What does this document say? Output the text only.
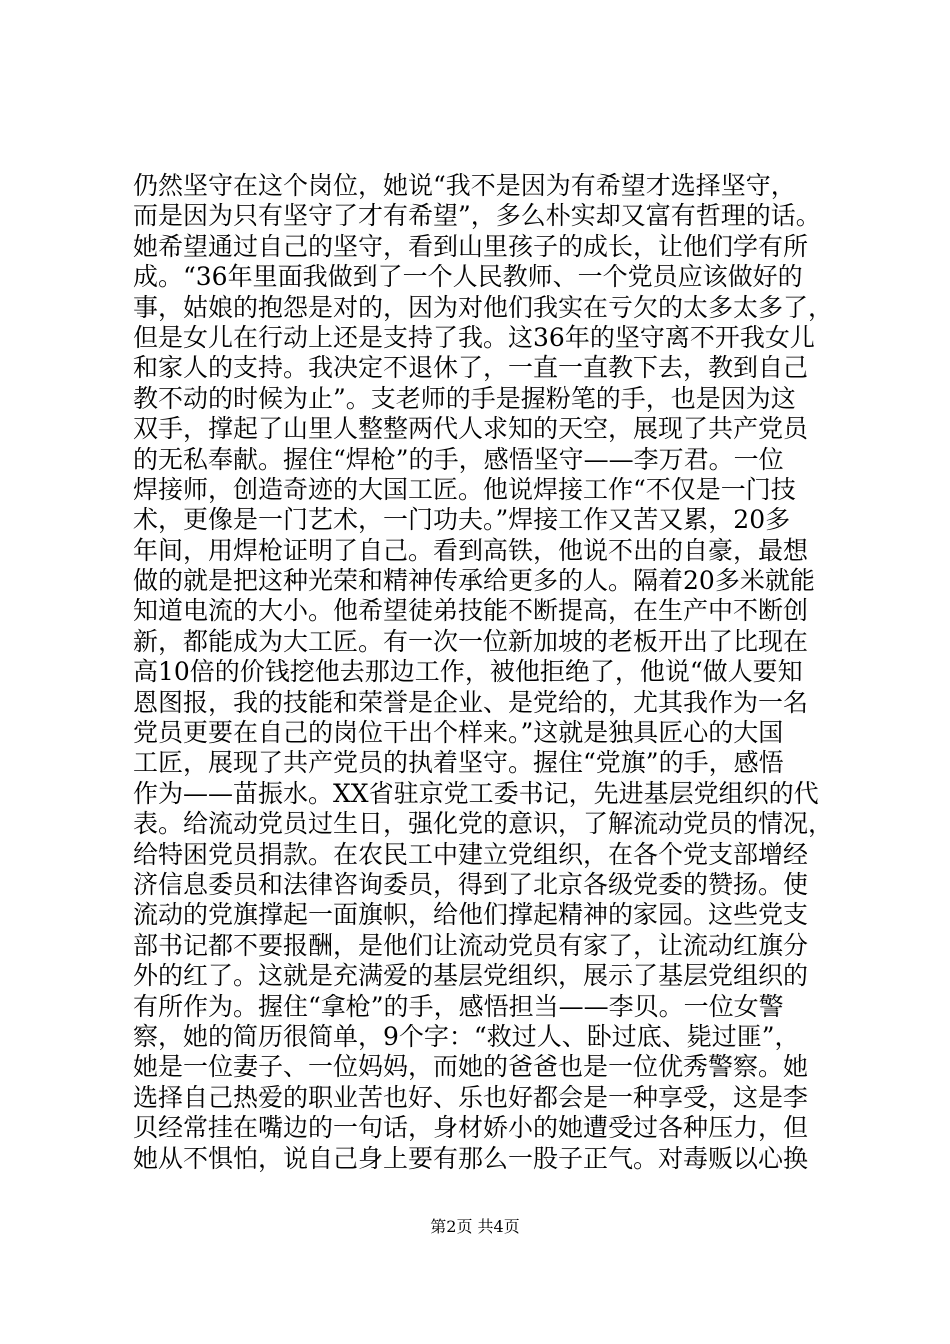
仍然坚守在这个岗位，她说“我不是因为有希望才选择坚守，
而是因为只有坚守了才有希望”，多么朴实却又富有哲理的话。
她希望通过自己的坚守，看到山里孩子的成长，让他们学有所
成。“36年里面我做到了一个人民教师、一个党员应该做好的
事，姑娘的抱怨是对的，因为对他们我实在亏欠的太多太多了，
但是女儿在行动上还是支持了我。这36年的坚守离不开我女儿
和家人的支持。我决定不退休了，一直一直教下去，教到自己
教不动的时候为止”。支老师的手是握粉笔的手，也是因为这
双手，撑起了山里人整整两代人求知的天空，展现了共产党员
的无私奉献。握住“焊枪”的手，感悟坚守——李万君。一位
焊接师，创造奇迹的大国工匠。他说焊接工作“不仅是一门技
术，更像是一门艺术，一门功夫。”焊接工作又苦又累，20多
年间，用焊枪证明了自己。看到高铁，他说不出的自豪，最想
做的就是把这种光荣和精神传承给更多的人。隔着20多米就能
知道电流的大小。他希望徒弟技能不断提高，在生产中不断创
新，都能成为大工匠。有一次一位新加坡的老板开出了比现在
高10倍的价钱挖他去那边工作，被他拒绝了，他说“做人要知
恩图报，我的技能和荣誉是企业、是党给的，尤其我作为一名
党员更要在自己的岗位干出个样来。”这就是独具匠心的大国
工匠，展现了共产党员的执着坚守。握住“党旗”的手，感悟
作为——苗振水。XX省驻京党工委书记，先进基层党组织的代
表。给流动党员过生日，强化党的意识，了解流动党员的情况，
给特困党员捐款。在农民工中建立党组织，在各个党支部增经
济信息委员和法律咨询委员，得到了北京各级党委的赞扬。使
流动的党旗撑起一面旗帜，给他们撑起精神的家园。这些党支
部书记都不要报酬，是他们让流动党员有家了，让流动红旗分
外的红了。这就是充满爱的基层党组织，展示了基层党组织的
有所作为。握住“拿枪”的手，感悟担当——李贝。一位女警
察，她的简历很简单，9个字：“救过人、卧过底、毙过匪”，
她是一位妻子、一位妈妈，而她的爸爸也是一位优秀警察。她
选择自己热爱的职业苦也好、乐也好都会是一种享受，这是李
贝经常挂在嘴边的一句话，身材娇小的她遭受过各种压力，但
她从不惧怕，说自己身上要有那么一股子正气。对毒贩以心换
第2页 共4页
